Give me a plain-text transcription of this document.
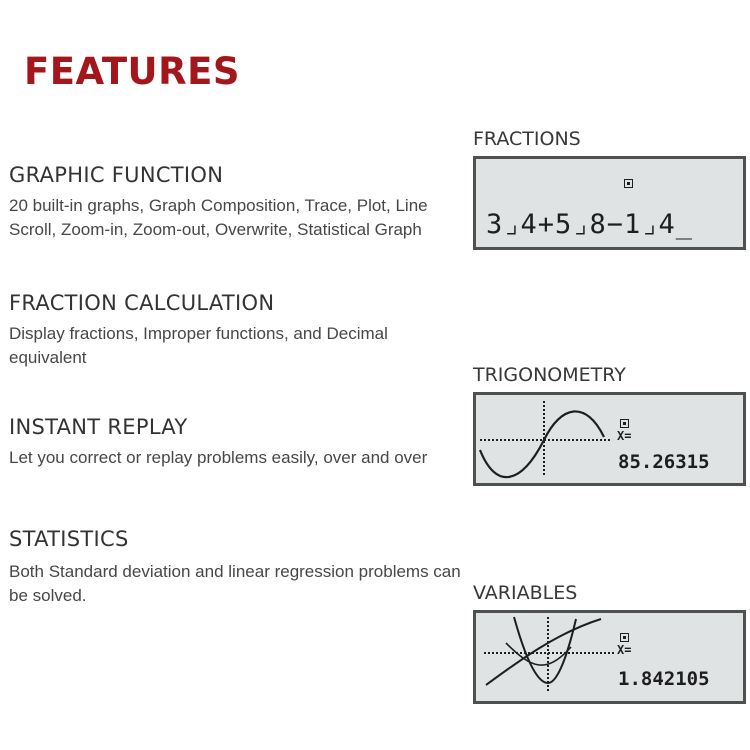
FEATURES
GRAPHIC FUNCTION
20 built-in graphs, Graph Composition, Trace, Plot, Line Scroll, Zoom-in, Zoom-out, Overwrite, Statistical Graph
FRACTION CALCULATION
Display fractions, Improper functions, and Decimal equivalent
INSTANT REPLAY
Let you correct or replay problems easily, over and over
STATISTICS
Both Standard deviation and linear regression problems can be solved.
FRACTIONS
3⌟4+5⌟8−1⌟4_
TRIGONOMETRY
X=
85.26315
VARIABLES
X=
1.842105
